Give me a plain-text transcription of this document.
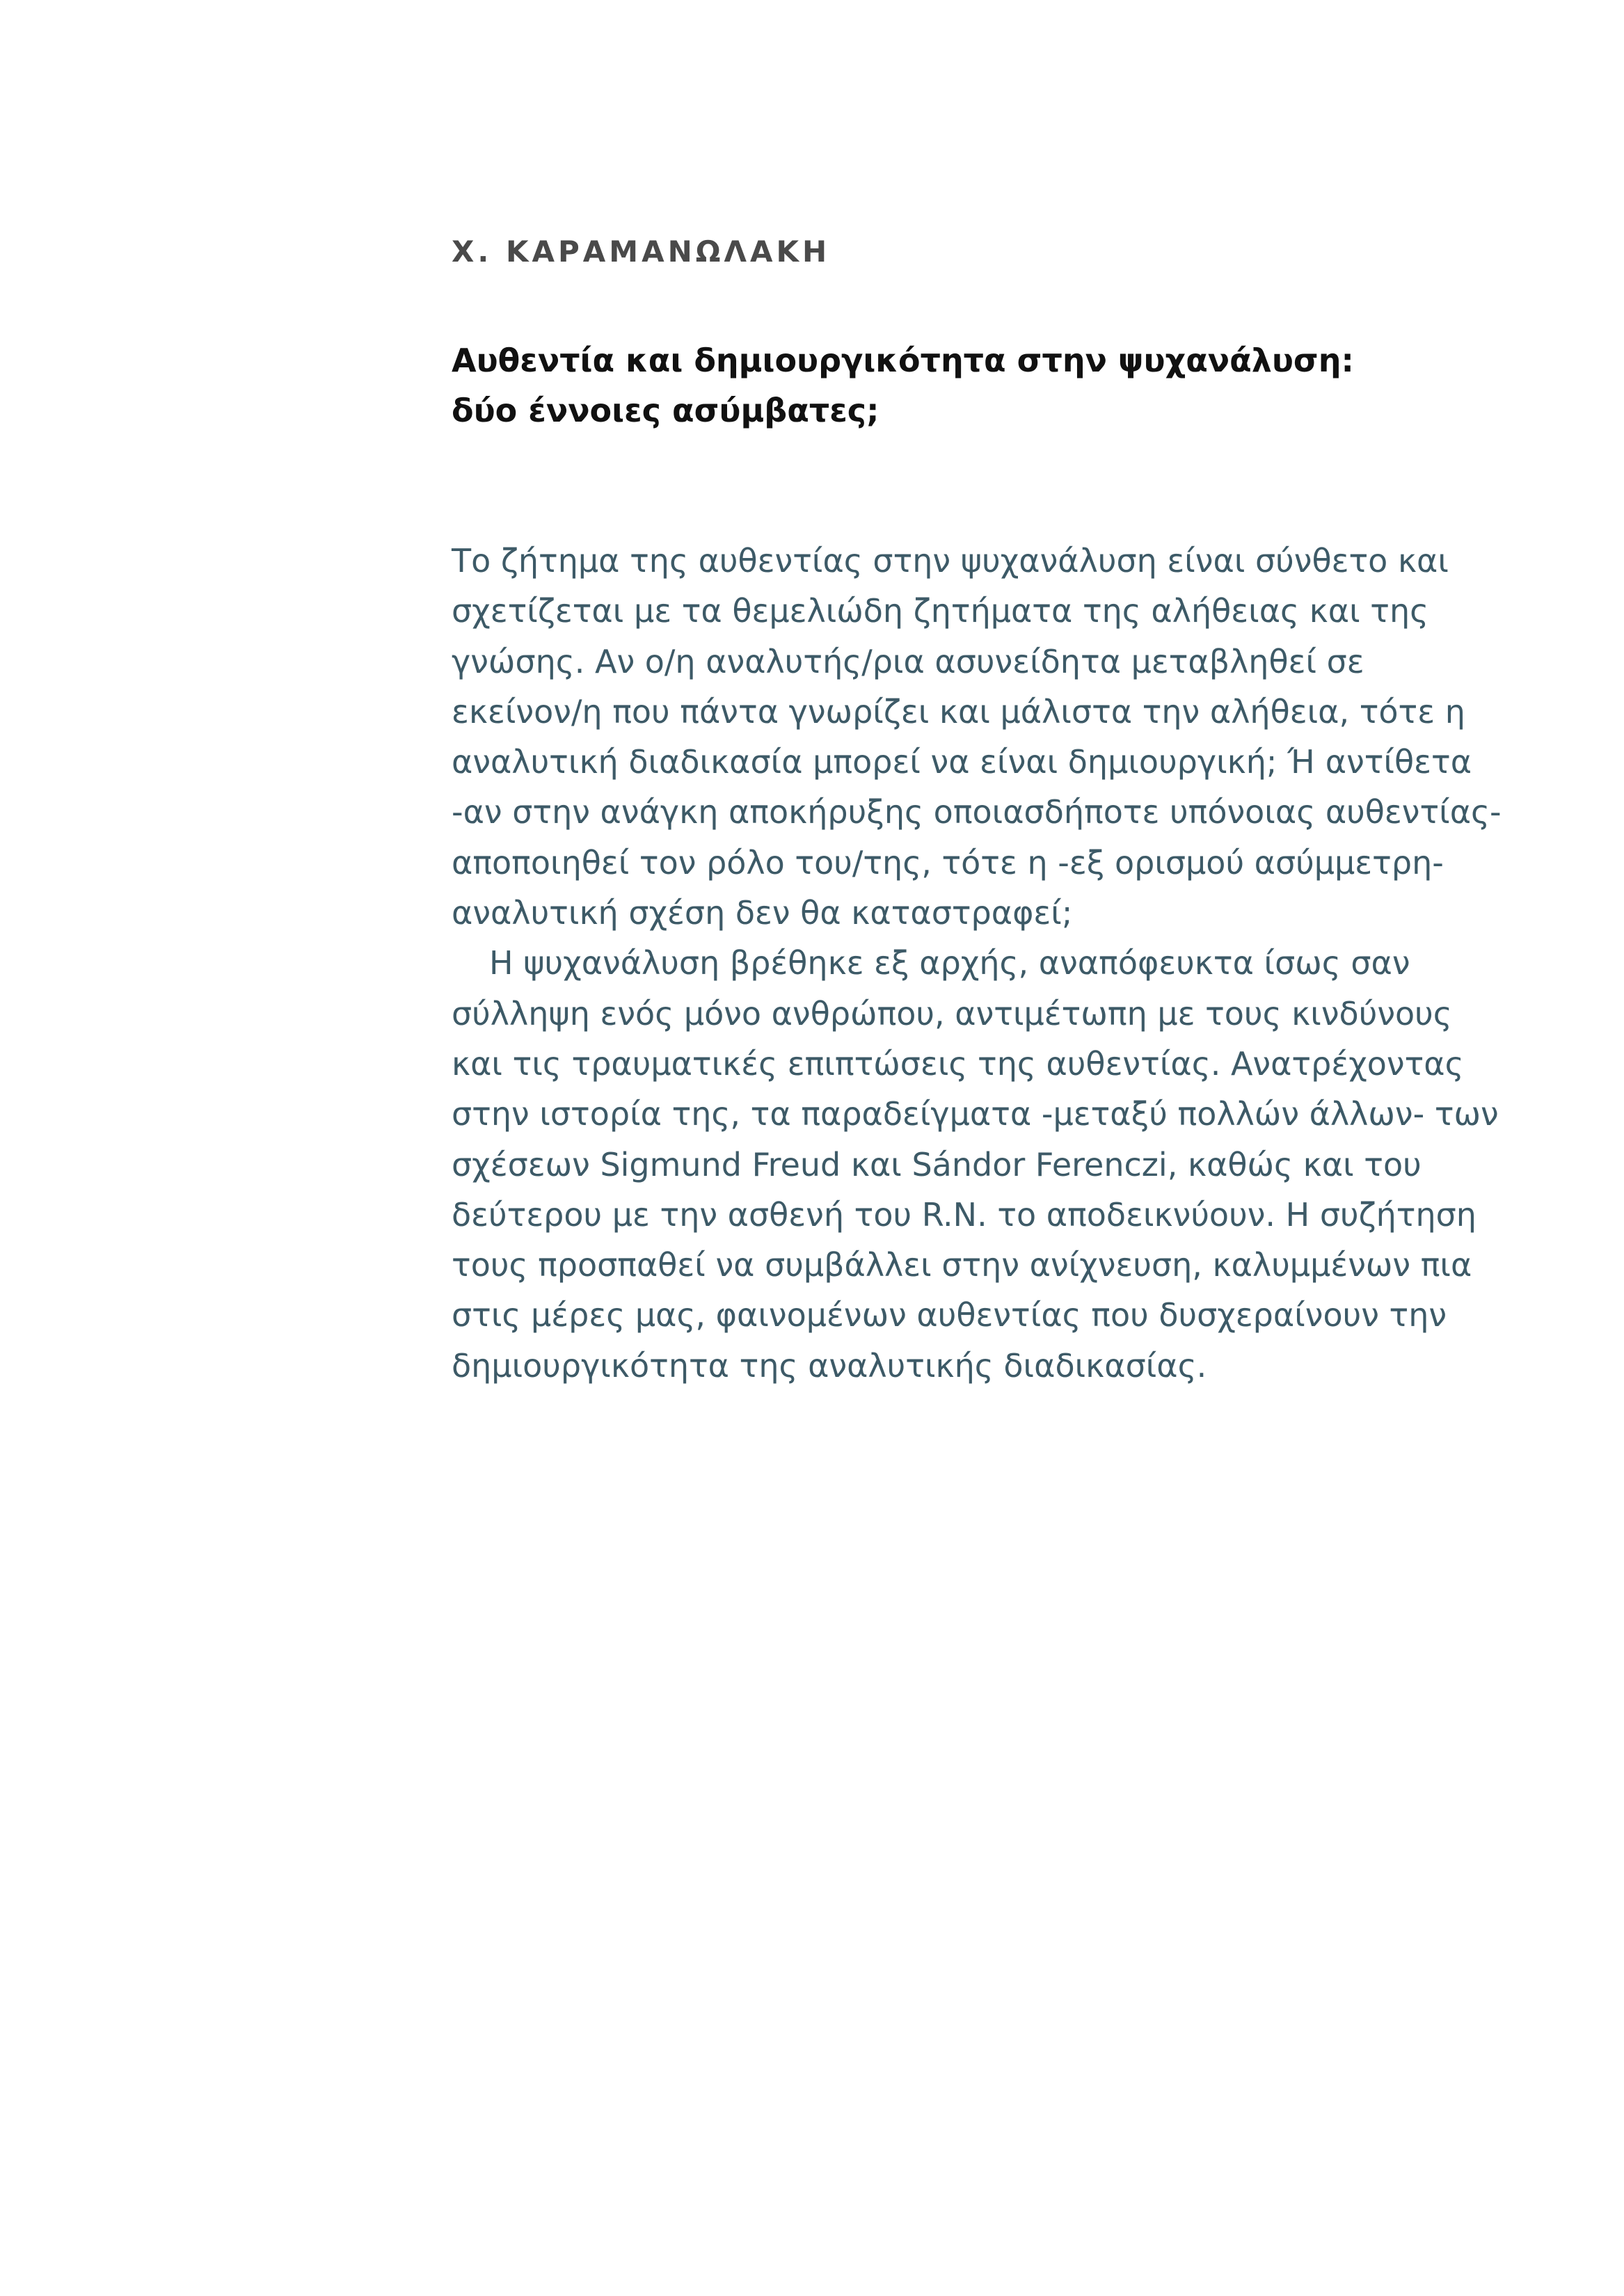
Χ. ΚΑΡΑΜΑΝΩΛΑΚΗ

Αυθεντία και δημιουργικότητα στην ψυχανάλυση:
δύο έννοιες ασύμβατες;
Το ζήτημα της αυθεντίας στην ψυχανάλυση είναι σύνθετο και
σχετίζεται με τα θεμελιώδη ζητήματα της αλήθειας και της
γνώσης. Αν ο/η αναλυτής/ρια ασυνείδητα μεταβληθεί σε
εκείνον/η που πάντα γνωρίζει και μάλιστα την αλήθεια, τότε η
αναλυτική διαδικασία μπορεί να είναι δημιουργική; Ή αντίθετα
-αν στην ανάγκη αποκήρυξης οποιασδήποτε υπόνοιας αυθεντίας-
αποποιηθεί τον ρόλο του/της, τότε η -εξ ορισμού ασύμμετρη-
αναλυτική σχέση δεν θα καταστραφεί;
Η ψυχανάλυση βρέθηκε εξ αρχής, αναπόφευκτα ίσως σαν
σύλληψη ενός μόνο ανθρώπου, αντιμέτωπη με τους κινδύνους
και τις τραυματικές επιπτώσεις της αυθεντίας. Ανατρέχοντας
στην ιστορία της, τα παραδείγματα -μεταξύ πολλών άλλων- των
σχέσεων Sigmund Freud και Sándor Ferenczi, καθώς και του
δεύτερου με την ασθενή του R.N. το αποδεικνύουν. Η συζήτηση
τους προσπαθεί να συμβάλλει στην ανίχνευση, καλυμμένων πια
στις μέρες μας, φαινομένων αυθεντίας που δυσχεραίνουν την
δημιουργικότητα της αναλυτικής διαδικασίας.
